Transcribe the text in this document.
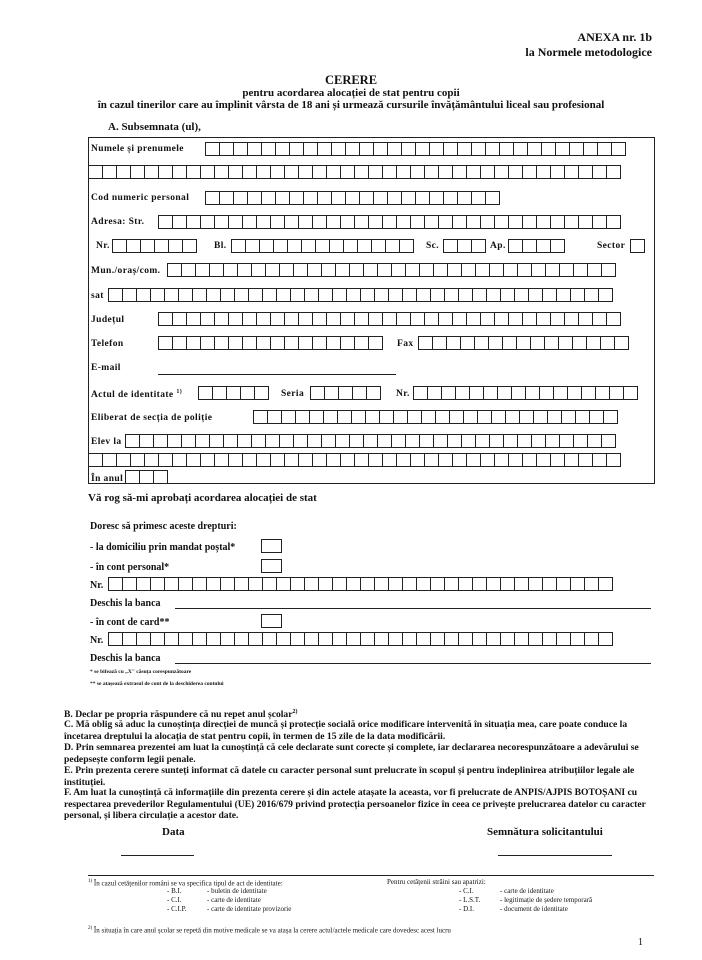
ANEXA nr. 1b
la Normele metodologice
CERERE
pentru acordarea alocației de stat pentru copii
în cazul tinerilor care au împlinit vârsta de 18 ani și urmează cursurile învățământului liceal sau profesional
A. Subsemnata (ul),
Numele și prenumele
Cod numeric personal
Adresa: Str.
Nr.	Bl.	Sc.	Ap.	Sector
Mun./oraș/com.
sat
Județul
Telefon	Fax
E-mail
Actul de identitate $^{1)}$	Seria	Nr.
Eliberat de secția de poliție
Elev la
În anul
Vă rog să-mi aprobați acordarea alocației de stat
Doresc să primesc aceste drepturi:
- la domiciliu prin mandat poștal*
- în cont personal*
Nr.
Deschis la banca
- în cont de card**
Nr.
Deschis la banca
* se bifează cu „X" căsuța corespunzătoare
** se atașează extrasul de cont de la deschiderea contului
B. Declar pe propria răspundere că nu repet anul școlar$^{2)}$
C. Mă oblig să aduc la cunoștința direcției de muncă și protecție socială orice modificare intervenită în situația mea, care poate conduce la încetarea dreptului la alocația de stat pentru copii, în termen de 15 zile de la data modificării.
D. Prin semnarea prezentei am luat la cunoștință că cele declarate sunt corecte și complete, iar declararea necorespunzătoare a adevărului se pedepsește conform legii penale.
E. Prin prezenta cerere sunteți informat că datele cu caracter personal sunt prelucrate în scopul și pentru îndeplinirea atribuțiilor legale ale instituției.
F. Am luat la cunoștință că informațiile din prezenta cerere și din actele atașate la aceasta, vor fi prelucrate de ANPIS/AJPIS BOTOȘANI cu respectarea prevederilor Regulamentului (UE) 2016/679 privind protecția persoanelor fizice în ceea ce privește prelucrarea datelor cu caracter personal, și libera circulație a acestor date.
Data	Semnătura solicitantului
$^{1)}$ În cazul cetățenilor români se va specifica tipul de act de identitate:	Pentru cetățenii străini sau apatrizi:
- B.I.	- buletin de identitate
- C.I.	- carte de identitate
- C.I.P.	- carte de identitate provizorie
- C.I.	- carte de identitate
- L.S.T.	- legitimație de ședere temporară
- D.I.	- document de identitate
$^{2)}$ În situația în care anul școlar se repetă din motive medicale se va atașa la cerere actul/actele medicale care dovedesc acest lucru
1
